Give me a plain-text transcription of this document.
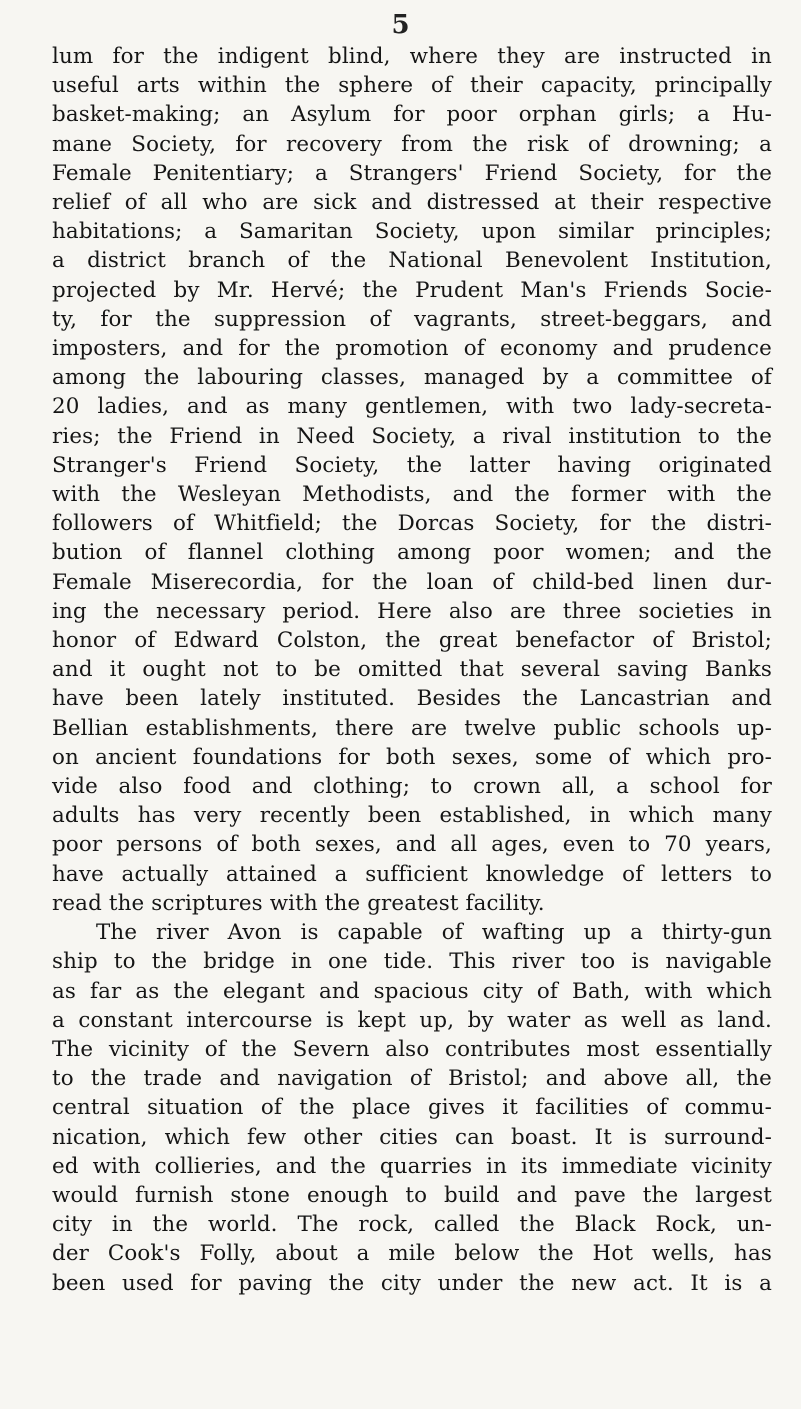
5
lum for the indigent blind, where they are instructed in
useful arts within the sphere of their capacity, principally
basket-making; an Asylum for poor orphan girls; a Hu-
mane Society, for recovery from the risk of drowning; a
Female Penitentiary; a Strangers' Friend Society, for the
relief of all who are sick and distressed at their respective
habitations; a Samaritan Society, upon similar principles;
a district branch of the National Benevolent Institution,
projected by Mr. Hervé; the Prudent Man's Friends Socie-
ty, for the suppression of vagrants, street-beggars, and
imposters, and for the promotion of economy and prudence
among the labouring classes, managed by a committee of
20 ladies, and as many gentlemen, with two lady-secreta-
ries; the Friend in Need Society, a rival institution to the
Stranger's Friend Society, the latter having originated
with the Wesleyan Methodists, and the former with the
followers of Whitfield; the Dorcas Society, for the distri-
bution of flannel clothing among poor women; and the
Female Miserecordia, for the loan of child-bed linen dur-
ing the necessary period. Here also are three societies in
honor of Edward Colston, the great benefactor of Bristol;
and it ought not to be omitted that several saving Banks
have been lately instituted. Besides the Lancastrian and
Bellian establishments, there are twelve public schools up-
on ancient foundations for both sexes, some of which pro-
vide also food and clothing; to crown all, a school for
adults has very recently been established, in which many
poor persons of both sexes, and all ages, even to 70 years,
have actually attained a sufficient knowledge of letters to
read the scriptures with the greatest facility.
The river Avon is capable of wafting up a thirty-gun
ship to the bridge in one tide. This river too is navigable
as far as the elegant and spacious city of Bath, with which
a constant intercourse is kept up, by water as well as land.
The vicinity of the Severn also contributes most essentially
to the trade and navigation of Bristol; and above all, the
central situation of the place gives it facilities of commu-
nication, which few other cities can boast. It is surround-
ed with collieries, and the quarries in its immediate vicinity
would furnish stone enough to build and pave the largest
city in the world. The rock, called the Black Rock, un-
der Cook's Folly, about a mile below the Hot wells, has
been used for paving the city under the new act. It is a
